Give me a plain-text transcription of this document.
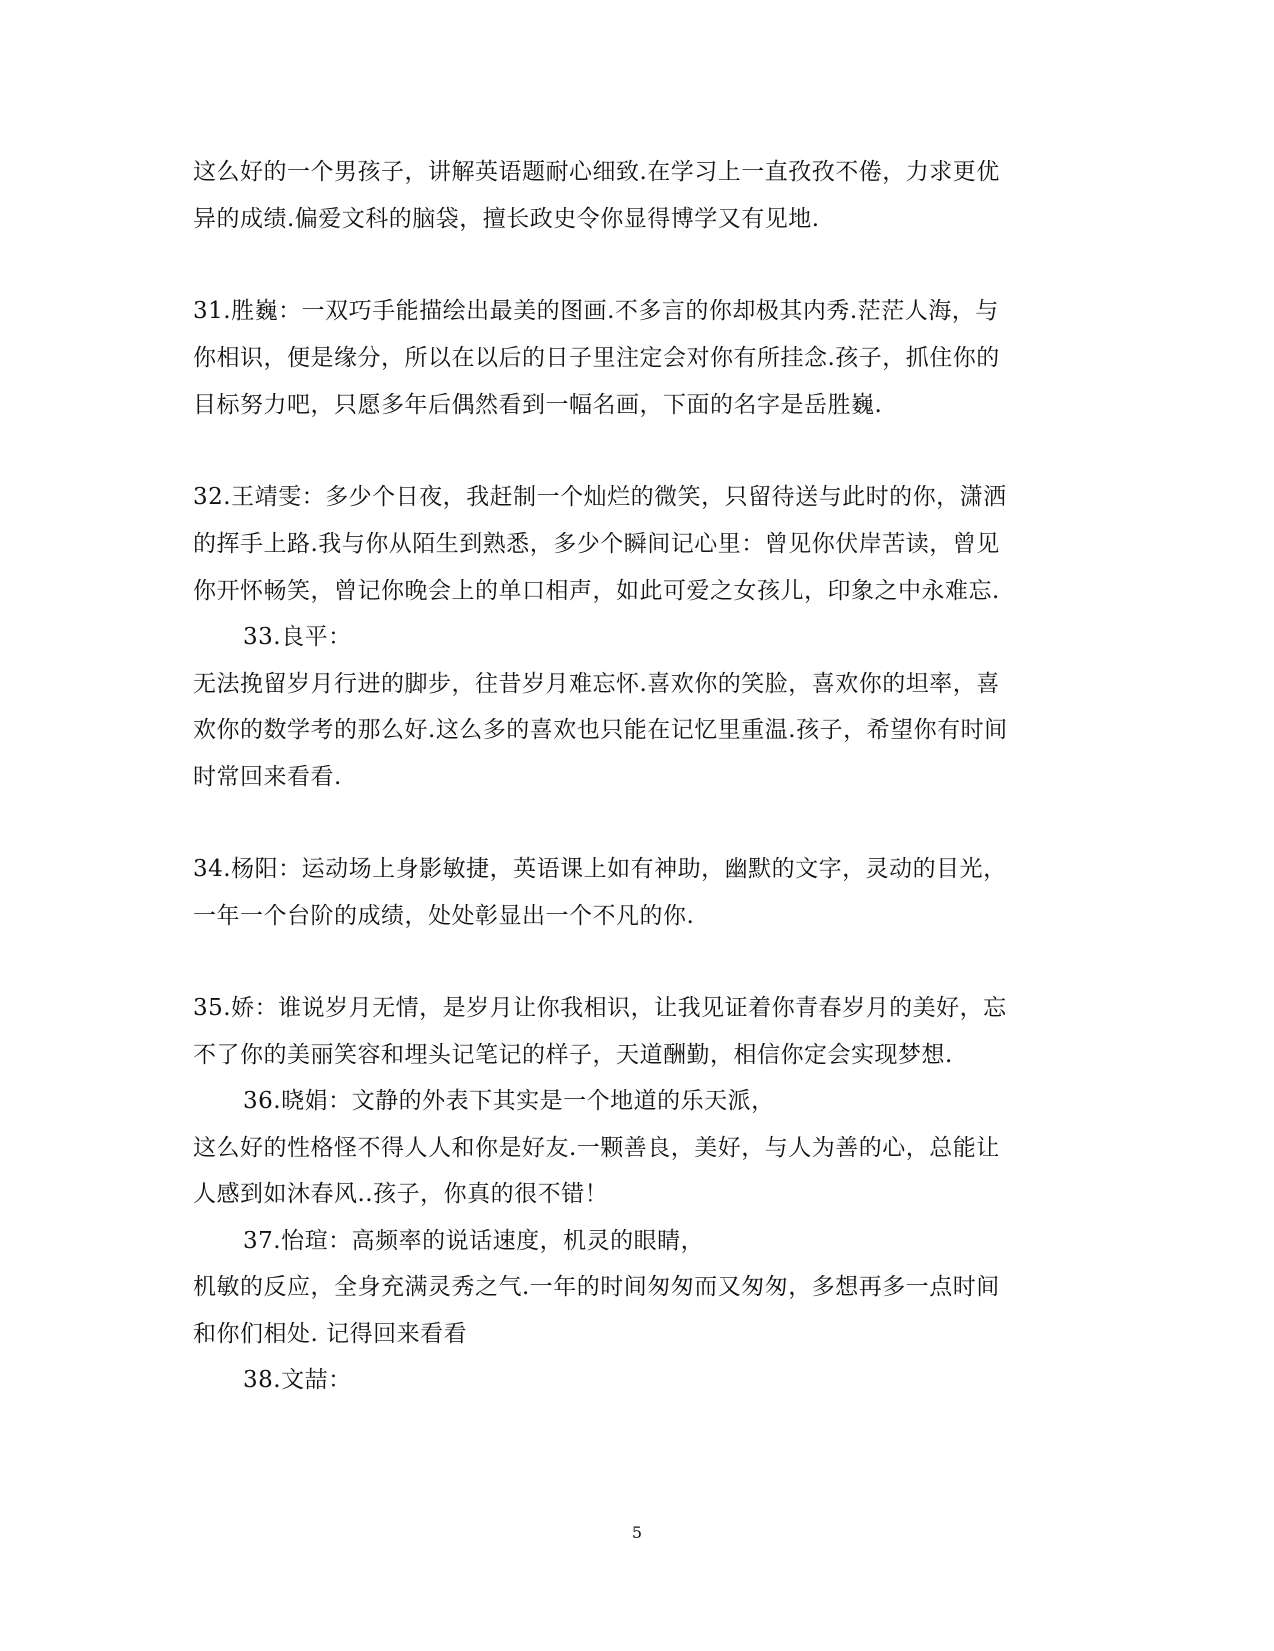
这么好的一个男孩子，讲解英语题耐心细致.在学习上一直孜孜不倦，力求更优
异的成绩.偏爱文科的脑袋，擅长政史令你显得博学又有见地.
31.胜巍：一双巧手能描绘出最美的图画.不多言的你却极其内秀.茫茫人海，与
你相识，便是缘分，所以在以后的日子里注定会对你有所挂念.孩子，抓住你的
目标努力吧，只愿多年后偶然看到一幅名画，下面的名字是岳胜巍.
32.王靖雯：多少个日夜，我赶制一个灿烂的微笑，只留待送与此时的你，潇洒
的挥手上路.我与你从陌生到熟悉，多少个瞬间记心里：曾见你伏岸苦读，曾见
你开怀畅笑，曾记你晚会上的单口相声，如此可爱之女孩儿，印象之中永难忘.
33.良平：
无法挽留岁月行进的脚步，往昔岁月难忘怀.喜欢你的笑脸，喜欢你的坦率，喜
欢你的数学考的那么好.这么多的喜欢也只能在记忆里重温.孩子，希望你有时间
时常回来看看.
34.杨阳：运动场上身影敏捷，英语课上如有神助，幽默的文字，灵动的目光，
一年一个台阶的成绩，处处彰显出一个不凡的你.
35.娇：谁说岁月无情，是岁月让你我相识，让我见证着你青春岁月的美好，忘
不了你的美丽笑容和埋头记笔记的样子，天道酬勤，相信你定会实现梦想.
36.晓娟：文静的外表下其实是一个地道的乐天派，
这么好的性格怪不得人人和你是好友.一颗善良，美好，与人为善的心，总能让
人感到如沐春风..孩子，你真的很不错！
37.怡瑄：高频率的说话速度，机灵的眼睛，
机敏的反应，全身充满灵秀之气.一年的时间匆匆而又匆匆，多想再多一点时间
和你们相处. 记得回来看看
38.文喆：
5
